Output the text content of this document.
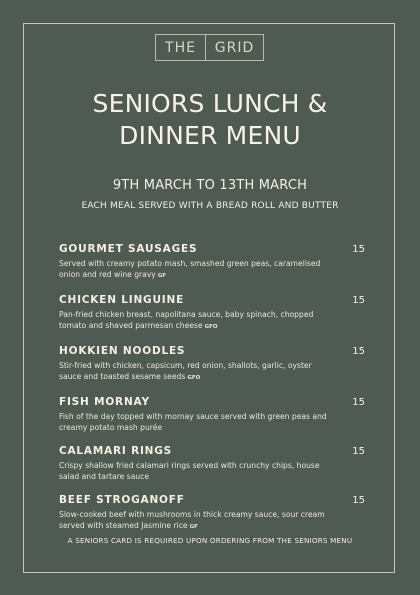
THE	GRID
SENIORS LUNCH &
DINNER MENU
9TH MARCH TO 13TH MARCH
EACH MEAL SERVED WITH A BREAD ROLL AND BUTTER
GOURMET SAUSAGES	15
Served with creamy potato mash, smashed green peas, caramelised onion and red wine gravy GF
CHICKEN LINGUINE	15
Pan-fried chicken breast, napolitana sauce, baby spinach, chopped tomato and shaved parmesan cheese GFO
HOKKIEN NOODLES	15
Stir-fried with chicken, capsicum, red onion, shallots, garlic, oyster sauce and toasted sesame seeds GFO
FISH MORNAY	15
Fish of the day topped with mornay sauce served with green peas and creamy potato mash purée
CALAMARI RINGS	15
Crispy shallow fried calamari rings served with crunchy chips, house salad and tartare sauce
BEEF STROGANOFF	15
Slow-cooked beef with mushrooms in thick creamy sauce, sour cream served with steamed Jasmine rice GF
A SENIORS CARD IS REQUIRED UPON ORDERING FROM THE SENIORS MENU
